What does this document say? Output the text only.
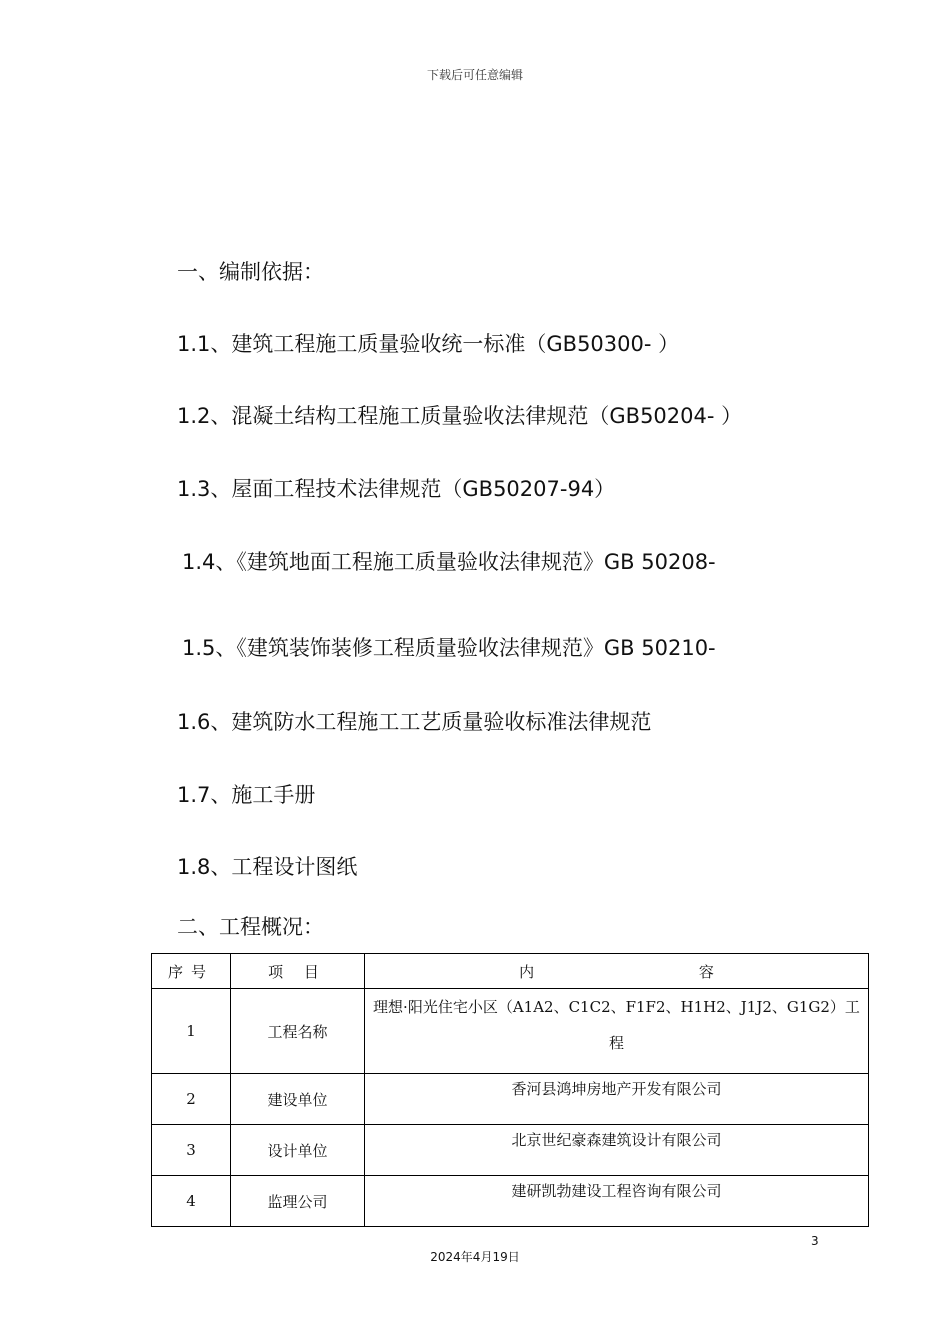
下载后可任意编辑
一、编制依据：
1.1、建筑工程施工质量验收统一标准（GB50300- ）
1.2、混凝土结构工程施工质量验收法律规范（GB50204- ）
1.3、屋面工程技术法律规范（GB50207-94）
1.4、《建筑地面工程施工质量验收法律规范》GB 50208-
1.5、《建筑装饰装修工程质量验收法律规范》GB 50210-
1.6、建筑防水工程施工工艺质量验收标准法律规范
1.7、施工手册
1.8、工程设计图纸
二、工程概况：
序号	项 目	内 容
1	工程名称	理想·阳光住宅小区（A1A2、C1C2、F1F2、H1H2、J1J2、G1G2）工程
2	建设单位	香河县鸿坤房地产开发有限公司
3	设计单位	北京世纪豪森建筑设计有限公司
4	监理公司	建研凯勃建设工程咨询有限公司
3
2024年4月19日
